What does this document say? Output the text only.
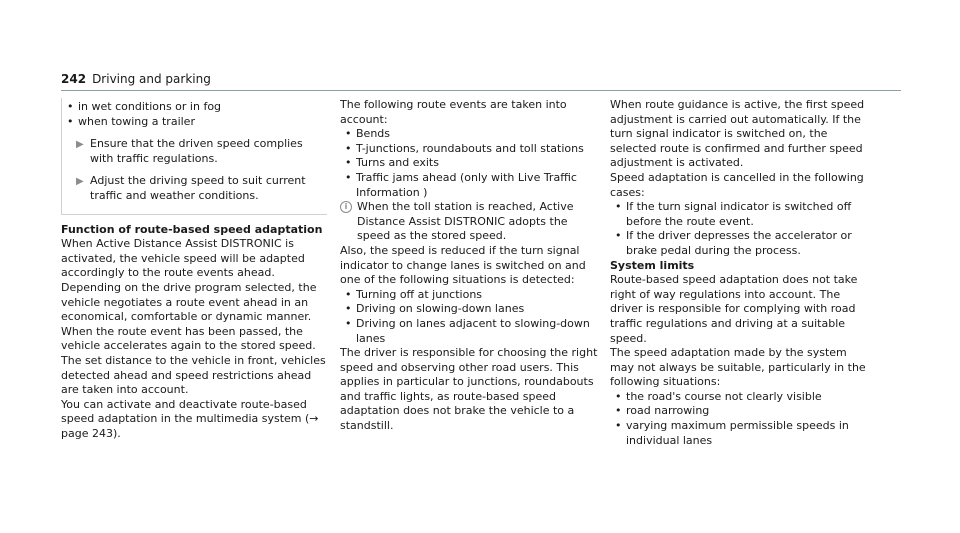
242 Driving and parking
• in wet conditions or in fog
• when towing a trailer
▶ Ensure that the driven speed complies with traffic regulations.
▶ Adjust the driving speed to suit current traffic and weather conditions.

Function of route-based speed adaptation

When Active Distance Assist DISTRONIC is activated, the vehicle speed will be adapted accordingly to the route events ahead. Depending on the drive program selected, the vehicle negotiates a route event ahead in an economical, comfortable or dynamic manner. When the route event has been passed, the vehicle accelerates again to the stored speed. The set distance to the vehicle in front, vehicles detected ahead and speed restrictions ahead are taken into account.

You can activate and deactivate route-based speed adaptation in the multimedia system (→ page 243).

The following route events are taken into account:

• Bends
• T-junctions, roundabouts and toll stations
• Turns and exits
• Traffic jams ahead (only with Live Traffic Information )
i When the toll station is reached, Active Distance Assist DISTRONIC adopts the speed as the stored speed.

Also, the speed is reduced if the turn signal indicator to change lanes is switched on and one of the following situations is detected:

• Turning off at junctions
• Driving on slowing-down lanes
• Driving on lanes adjacent to slowing-down lanes

The driver is responsible for choosing the right speed and observing other road users. This applies in particular to junctions, roundabouts and traffic lights, as route-based speed adaptation does not brake the vehicle to a standstill.

When route guidance is active, the first speed adjustment is carried out automatically. If the turn signal indicator is switched on, the selected route is confirmed and further speed adjustment is activated.

Speed adaptation is cancelled in the following cases:

• If the turn signal indicator is switched off before the route event.
• If the driver depresses the accelerator or brake pedal during the process.

System limits

Route-based speed adaptation does not take right of way regulations into account. The driver is responsible for complying with road traffic regulations and driving at a suitable speed.

The speed adaptation made by the system may not always be suitable, particularly in the following situations:

• the road's course not clearly visible
• road narrowing
• varying maximum permissible speeds in individual lanes
